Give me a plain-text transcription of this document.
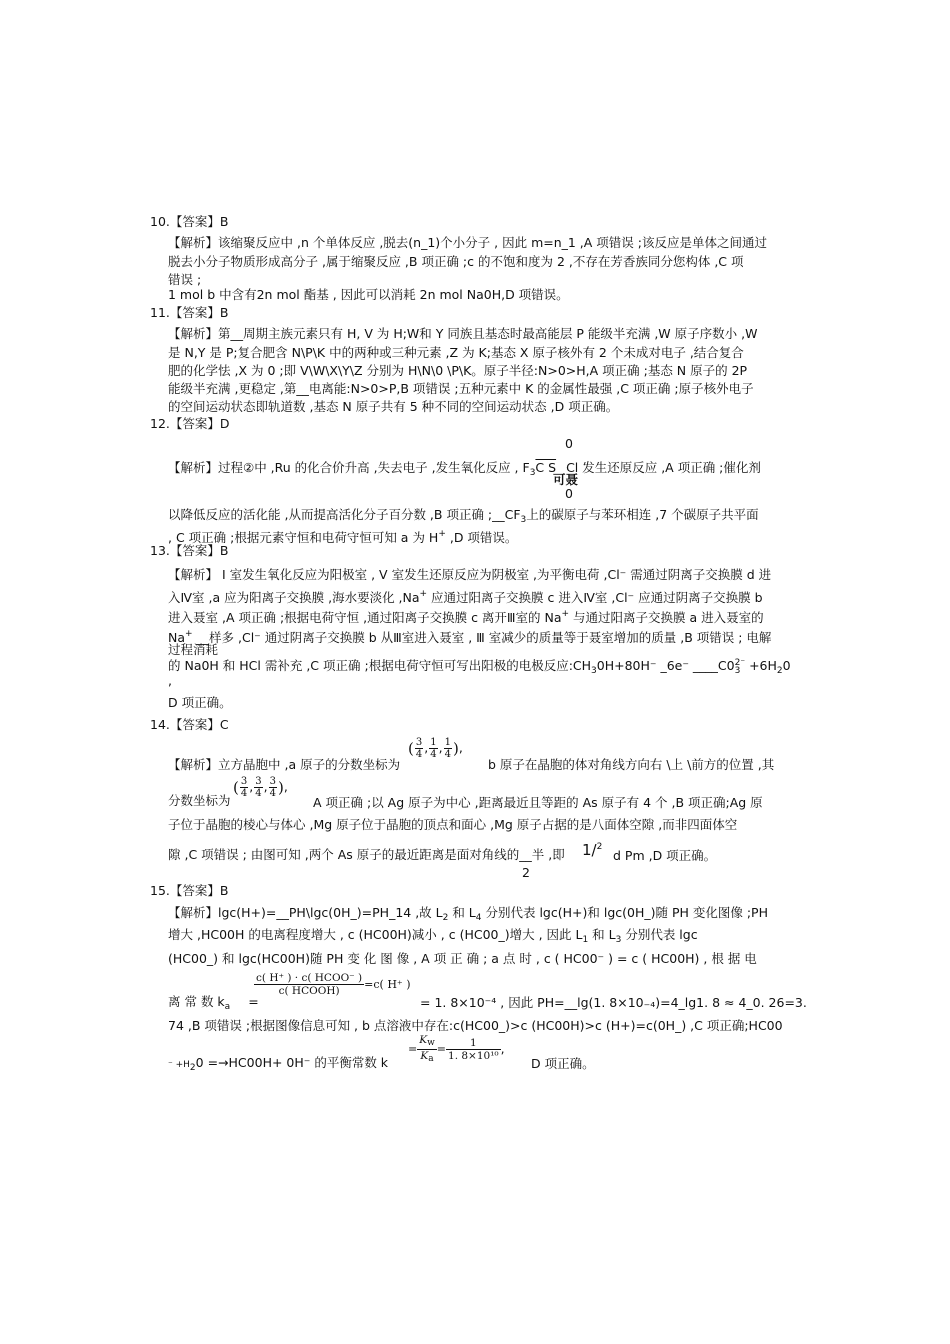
10.【答案】B
【解析】该缩聚反应中 ,n 个单体反应 ,脱去(n_1)个小分子 , 因此 m=n_1 ,A 项错误 ;该反应是单体之间通过
脱去小分子物质形成高分子 ,属于缩聚反应 ,B 项正确 ;c 的不饱和度为 2 ,不存在芳香族同分您构体 ,C 项
错误 ;
1 mol b 中含有2n mol 酯基 , 因此可以消耗 2n mol Na0H,D 项错误。
11.【答案】B
【解析】第__周期主族元素只有 H, V 为 H;W和 Y 同族且基态时最高能层 P 能级半充满 ,W 原子序数小 ,W
是 N,Y 是 P;复合肥含 N\P\K 中的两种或三种元素 ,Z 为 K;基态 X 原子核外有 2 个未成对电子 ,结合复合
肥的化学怯 ,X 为 0 ;即 V\W\X\Y\Z 分别为 H\N\0 \P\K。原子半径:N>0>H,A 项正确 ;基态 N 原子的 2P
能级半充满 ,更稳定 ,第__电离能:N>0>P,B 项错误 ;五种元素中 K 的金属性最强 ,C 项正确 ;原子核外电子
的空间运动状态即轨道数 ,基态 N 原子共有 5 种不同的空间运动状态 ,D 项正确。
12.【答案】D
0
【解析】过程②中 ,Ru 的化合价升高 ,失去电子 ,发生氧化反应 , $F_3C$ S Cl 发生还原反应 ,A 项正确 ;催化剂
可聂
0
以降低反应的活化能 ,从而提高活化分子百分数 ,B 项正确 $;\_\_CF_3$上的碳原子与苯环相连 ,7 个碳原子共平面
, C 项正确 ;根据元素守恒和电荷守恒可知 a 为 H+ ,D 项错误。
13.【答案】B
【解析】 Ⅰ 室发生氧化反应为阳极室 , V 室发生还原反应为阴极室 ,为平衡电荷 ,Cl⁻ 需通过阴离子交换膜 d 进
入Ⅳ室 ,a 应为阳离子交换膜 ,海水要淡化 ,Na+ 应通过阳离子交换膜 c 进入Ⅳ室 ,Cl⁻ 应通过阴离子交换膜 b
进入聂室 ,A 项正确 ;根据电荷守恒 ,通过阳离子交换膜 c 离开Ⅲ室的 Na+ 与通过阳离子交换膜 a 进入聂室的
Na+ __样多 ,Cl⁻ 通过阴离子交换膜 b 从Ⅲ室进入聂室 , Ⅲ 室减少的质量等于聂室增加的质量 ,B 项错误 ; 电解
过程消耗
的 Na0H 和 HCl 需补充 ,C 项正确 ;根据电荷守恒可写出阳极的电极反应$:CH_30H+80H^-$ _6e⁻ ____C0 2⁻
$3 +6H_20$
,
D 项正确。
14.【答案】C
【解析】立方晶胞中 ,a 原子的分数坐标为
( $\frac{3}{4}$ , $\frac{1}{4}$ , $\frac{1}{4}$ ),
b 原子在晶胞的体对角线方向右 \上 \前方的位置 ,其
分数坐标为
( $\frac{3}{4}$ , $\frac{3}{4}$ , $\frac{3}{4}$ ),
A 项正确 ;以 Ag 原子为中心 ,距离最近且等距的 As 原子有 4 个 ,B 项正确;Ag 原
子位于晶胞的棱心与体心 ,Mg 原子位于晶胞的顶点和面心 ,Mg 原子占据的是八面体空隙 ,而非四面体空
隙 ,C 项错误 ; 由图可知 ,两个 As 原子的最近距离是面对角线的__半 ,即 1/$^2$
d Pm ,D 项正确。
2
15.【答案】B
【解析】lgc(H+)=__PH\lgc(0H_)=PH_14 ,故 $L_2$ 和 $L_4$ 分别代表 lgc(H+)和 lgc(0H_)随 PH 变化图像 ;PH
增大 ,HC00H 的电离程度增大 , c (HC00H)减小 , c (HC00_)增大 , 因此 $L_1$ 和 $L_3$ 分别代表 lgc
(HC00_) 和 lgc(HC00H)随 PH 变 化 图 像 , A 项 正 确 ; a 点 时 , c ( HC00⁻ ) = c ( HC00H) , 根 据 电
离 常 数 $k_a$ =
c( H⁺ ) · c( HCOO⁻ )
c( HCOOH)	=c( H⁺ )
= 1. 8×10⁻⁴ , 因此 PH=__lg(1. 8×10₋₄)=4_lg1. 8 ≈ 4_0. 26=3.
74 ,B 项错误 ;根据图像信息可知 , b 点溶液中存在:c(HC00_)>c (HC00H)>c (H+)=c(0H_) ,C 项正确;HC00
⁻ $+H_20 =\to HC00H+ 0H^-$ 的平衡常数 k
= $\frac{Kw}{Ka} = \frac{1}{\text{1. 8×10¹⁰}}$ ,
D 项正确。
